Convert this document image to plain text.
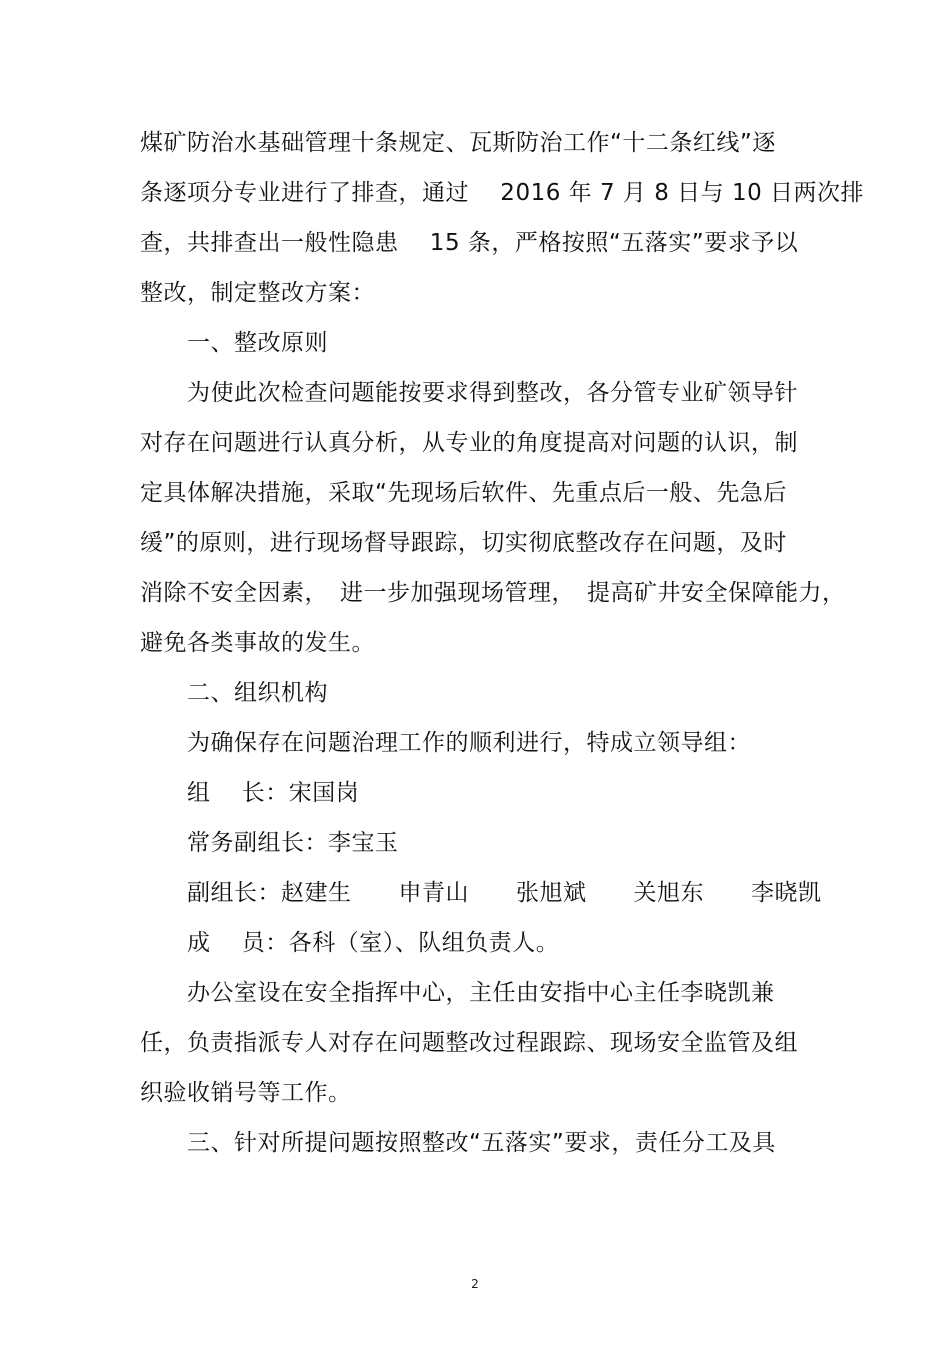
煤矿防治水基础管理十条规定、瓦斯防治工作“十二条红线”逐
条逐项分专业进行了排查，通过　 2016 年 7 月 8 日与 10 日两次排
查，共排查出一般性隐患　 15 条，严格按照“五落实”要求予以
整改，制定整改方案：
一、整改原则
为使此次检查问题能按要求得到整改，各分管专业矿领导针
对存在问题进行认真分析，从专业的角度提高对问题的认识，制
定具体解决措施，采取“先现场后软件、先重点后一般、先急后
缓”的原则，进行现场督导跟踪，切实彻底整改存在问题，及时
消除不安全因素，　进一步加强现场管理，　提高矿井安全保障能力，
避免各类事故的发生。
二、组织机构
为确保存在问题治理工作的顺利进行，特成立领导组：
组　 长：宋国岗
常务副组长：李宝玉
副组长：赵建生　　申青山　　张旭斌　　关旭东　　李晓凯
成　 员：各科（室）、队组负责人。
办公室设在安全指挥中心，主任由安指中心主任李晓凯兼
任，负责指派专人对存在问题整改过程跟踪、现场安全监管及组
织验收销号等工作。
三、针对所提问题按照整改“五落实”要求，责任分工及具
2
